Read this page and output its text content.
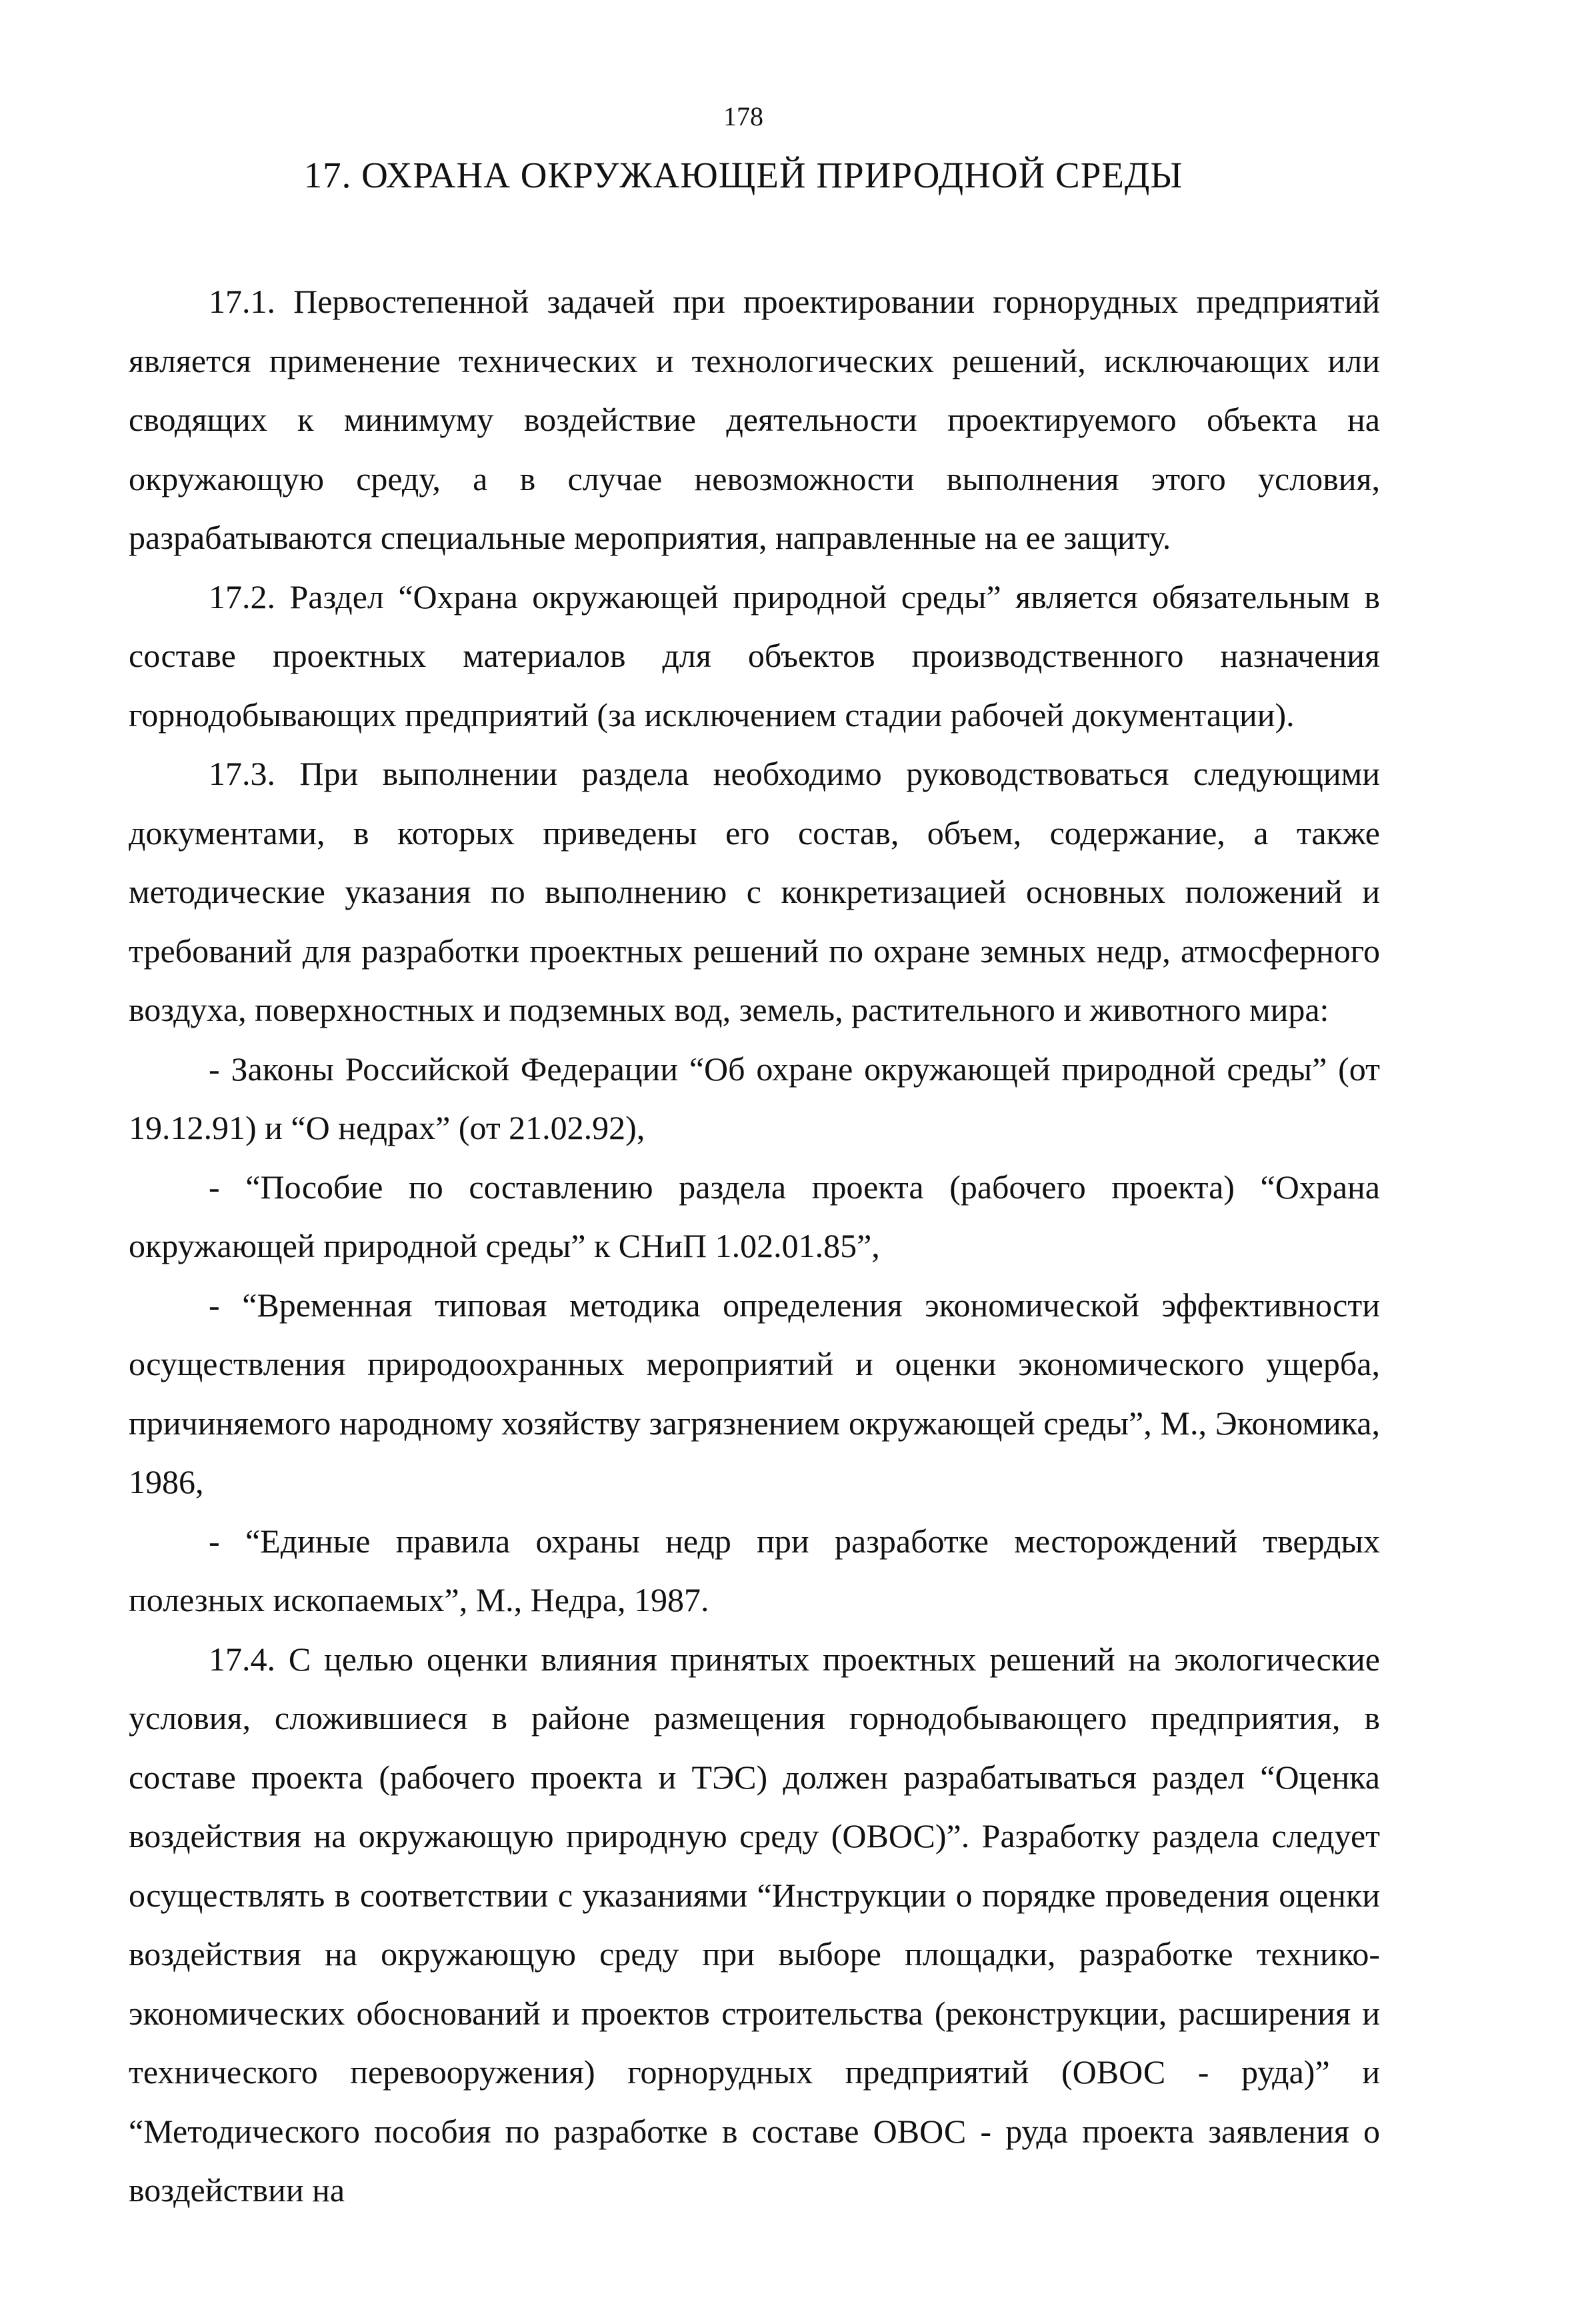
178
17. ОХРАНА ОКРУЖАЮЩЕЙ ПРИРОДНОЙ СРЕДЫ

17.1. Первостепенной задачей при проектировании горнорудных предприятий является применение технических и технологических решений, исключающих или сводящих к минимуму воздействие деятельности проектируемого объекта на окружающую среду, а в случае невозможности выполнения этого условия, разрабатываются специальные мероприятия, направленные на ее защиту.

17.2. Раздел “Охрана окружающей природной среды” является обязательным в составе проектных материалов для объектов производственного назначения горнодобывающих предприятий (за исключением стадии рабочей документации).

17.3. При выполнении раздела необходимо руководствоваться следующими документами, в которых приведены его состав, объем, содержание, а также методические указания по выполнению с конкретизацией основных положений и требований для разработки проектных решений по охране земных недр, атмосферного воздуха, поверхностных и подземных вод, земель, растительного и животного мира:

- Законы Российской Федерации “Об охране окружающей природной среды” (от 19.12.91) и “О недрах” (от 21.02.92),

- “Пособие по составлению раздела проекта (рабочего проекта) “Охрана окружающей природной среды” к СНиП 1.02.01.85”,

- “Временная типовая методика определения экономической эффективности осуществления природоохранных мероприятий и оценки экономического ущерба, причиняемого народному хозяйству загрязнением окружающей среды”, М., Экономика, 1986,

- “Единые правила охраны недр при разработке месторождений твердых полезных ископаемых”, М., Недра, 1987.

17.4. С целью оценки влияния принятых проектных решений на экологические условия, сложившиеся в районе размещения горнодобывающего предприятия, в составе проекта (рабочего проекта и ТЭС) должен разрабатываться раздел “Оценка воздействия на окружающую природную среду (ОВОС)”. Разработку раздела следует осуществлять в соответствии с указаниями “Инструкции о порядке проведения оценки воздействия на окружающую среду при выборе площадки, разработке технико-экономических обоснований и проектов строительства (реконструкции, расширения и технического перевооружения) горнорудных предприятий (ОВОС - руда)” и “Методического пособия по разработке в составе ОВОС - руда проекта заявления о воздействии на
